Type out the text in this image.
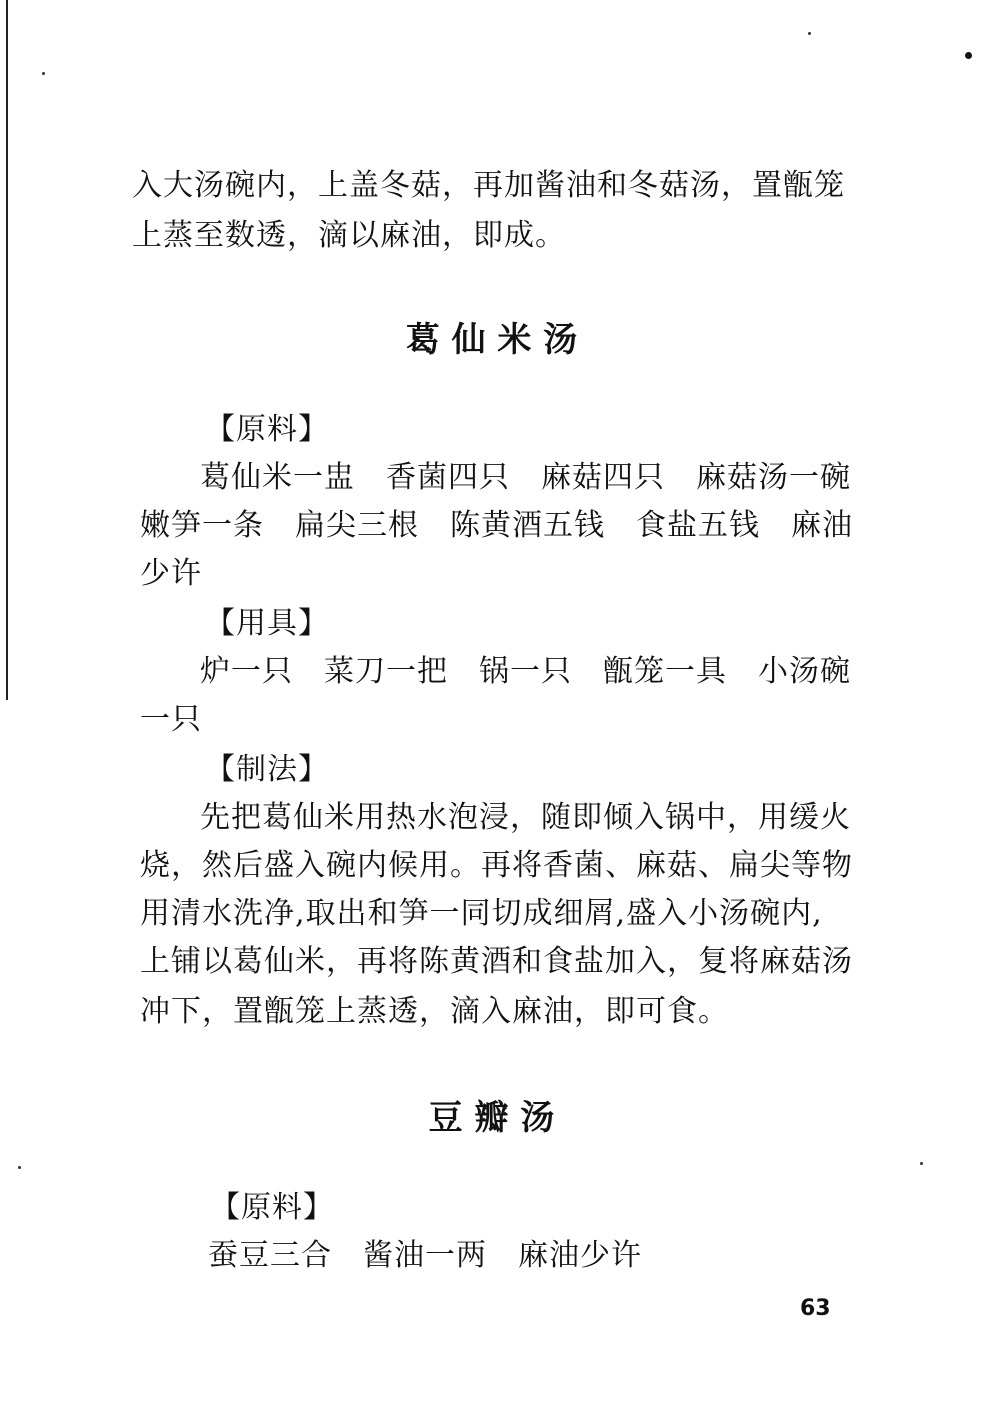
入大汤碗内，上盖冬菇，再加酱油和冬菇汤，置甑笼
上蒸至数透，滴以麻油，即成。
葛 仙 米 汤
【原料】
葛仙米一盅　香菌四只　麻菇四只　麻菇汤一碗
嫩笋一条　扁尖三根　陈黄酒五钱　食盐五钱　麻油
少许
【用具】
炉一只　菜刀一把　锅一只　甑笼一具　小汤碗
一只
【制法】
先把葛仙米用热水泡浸，随即倾入锅中，用缓火
烧，然后盛入碗内候用。再将香菌、麻菇、扁尖等物
用清水洗净,取出和笋一同切成细屑,盛入小汤碗内,
上铺以葛仙米，再将陈黄酒和食盐加入，复将麻菇汤
冲下，置甑笼上蒸透，滴入麻油，即可食。
豆 瓣 汤
【原料】
蚕豆三合　酱油一两　麻油少许
63
